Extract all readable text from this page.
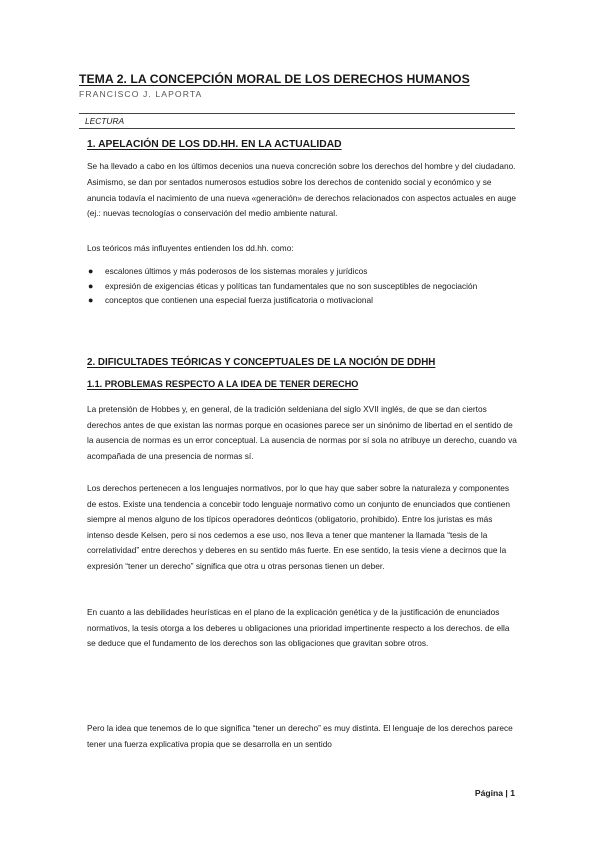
TEMA 2. LA CONCEPCIÓN MORAL DE LOS DERECHOS HUMANOS
FRANCISCO J. LAPORTA
LECTURA
1. APELACIÓN DE LOS DD.HH. EN LA ACTUALIDAD

Se ha llevado a cabo en los últimos decenios una nueva concreción sobre los derechos del hombre y del ciudadano. Asimismo, se dan por sentados numerosos estudios sobre los derechos de contenido social y económico y se anuncia todavía el nacimiento de una nueva «generación» de derechos relacionados con aspectos actuales en auge (ej.: nuevas tecnologías o conservación del medio ambiente natural.

Los teóricos más influyentes entienden los dd.hh. como:

● escalones últimos y más poderosos de los sistemas morales y jurídicos
● expresión de exigencias éticas y políticas tan fundamentales que no son susceptibles de negociación
● conceptos que contienen una especial fuerza justificatoria o motivacional
2. DIFICULTADES TEÓRICAS Y CONCEPTUALES DE LA NOCIÓN DE DDHH
1.1. PROBLEMAS RESPECTO A LA IDEA DE TENER DERECHO

La pretensión de Hobbes y, en general, de la tradición seldeniana del siglo XVII inglés, de que se dan ciertos derechos antes de que existan las normas porque en ocasiones parece ser un sinónimo de libertad en el sentido de la ausencia de normas es un error conceptual. La ausencia de normas por sí sola no atribuye un derecho, cuando va acompañada de una presencia de normas sí.

Los derechos pertenecen a los lenguajes normativos, por lo que hay que saber sobre la naturaleza y componentes de estos. Existe una tendencia a concebir todo lenguaje normativo como un conjunto de enunciados que contienen siempre al menos alguno de los típicos operadores deónticos (obligatorio, prohibido). Entre los juristas es más intenso desde Kelsen, pero si nos cedemos a ese uso, nos lleva a tener que mantener la llamada “tesis de la correlatividad” entre derechos y deberes en su sentido más fuerte. En ese sentido, la tesis viene a decirnos que la expresión “tener un derecho” significa que otra u otras personas tienen un deber.

En cuanto a las debilidades heurísticas en el plano de la explicación genética y de la justificación de enunciados normativos, la tesis otorga a los deberes u obligaciones una prioridad impertinente respecto a los derechos. de ella se deduce que el fundamento de los derechos son las obligaciones que gravitan sobre otros.

Pero la idea que tenemos de lo que significa “tener un derecho” es muy distinta. El lenguaje de los derechos parece tener una fuerza explicativa propia que se desarrolla en un sentido

Página | 1
